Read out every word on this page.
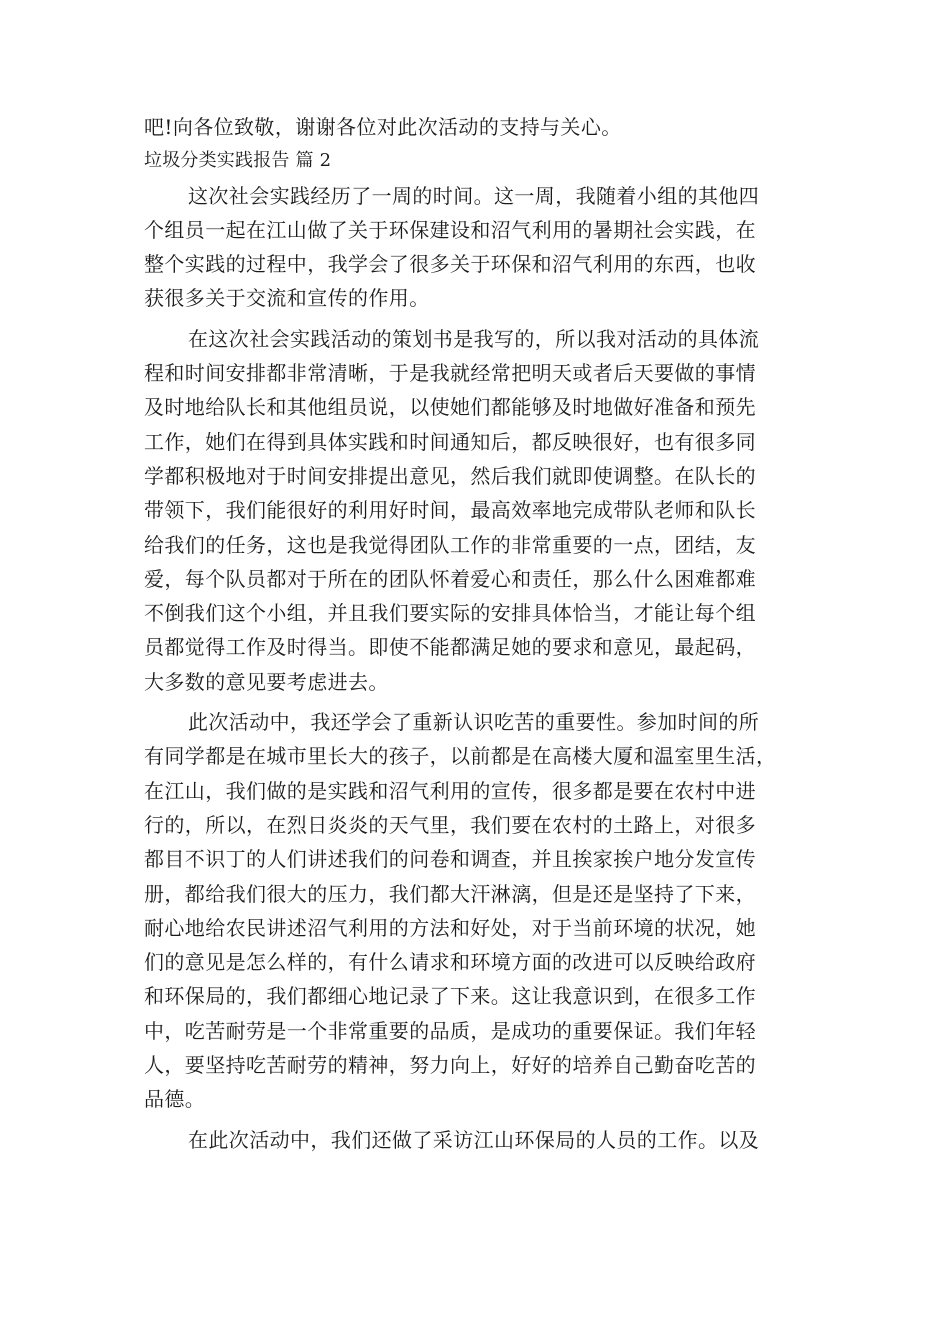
吧!向各位致敬，谢谢各位对此次活动的支持与关心。
垃圾分类实践报告 篇 2
这次社会实践经历了一周的时间。这一周，我随着小组的其他四
个组员一起在江山做了关于环保建设和沼气利用的暑期社会实践，在
整个实践的过程中，我学会了很多关于环保和沼气利用的东西，也收
获很多关于交流和宣传的作用。
在这次社会实践活动的策划书是我写的，所以我对活动的具体流
程和时间安排都非常清晰，于是我就经常把明天或者后天要做的事情
及时地给队长和其他组员说，以使她们都能够及时地做好准备和预先
工作，她们在得到具体实践和时间通知后，都反映很好，也有很多同
学都积极地对于时间安排提出意见，然后我们就即使调整。在队长的
带领下，我们能很好的利用好时间，最高效率地完成带队老师和队长
给我们的任务，这也是我觉得团队工作的非常重要的一点，团结，友
爱，每个队员都对于所在的团队怀着爱心和责任，那么什么困难都难
不倒我们这个小组，并且我们要实际的安排具体恰当，才能让每个组
员都觉得工作及时得当。即使不能都满足她的要求和意见，最起码，
大多数的意见要考虑进去。
此次活动中，我还学会了重新认识吃苦的重要性。参加时间的所
有同学都是在城市里长大的孩子，以前都是在高楼大厦和温室里生活，
在江山，我们做的是实践和沼气利用的宣传，很多都是要在农村中进
行的，所以，在烈日炎炎的天气里，我们要在农村的土路上，对很多
都目不识丁的人们讲述我们的问卷和调查，并且挨家挨户地分发宣传
册，都给我们很大的压力，我们都大汗淋漓，但是还是坚持了下来，
耐心地给农民讲述沼气利用的方法和好处，对于当前环境的状况，她
们的意见是怎么样的，有什么请求和环境方面的改进可以反映给政府
和环保局的，我们都细心地记录了下来。这让我意识到，在很多工作
中，吃苦耐劳是一个非常重要的品质，是成功的重要保证。我们年轻
人，要坚持吃苦耐劳的精神，努力向上，好好的培养自己勤奋吃苦的
品德。
在此次活动中，我们还做了采访江山环保局的人员的工作。以及
